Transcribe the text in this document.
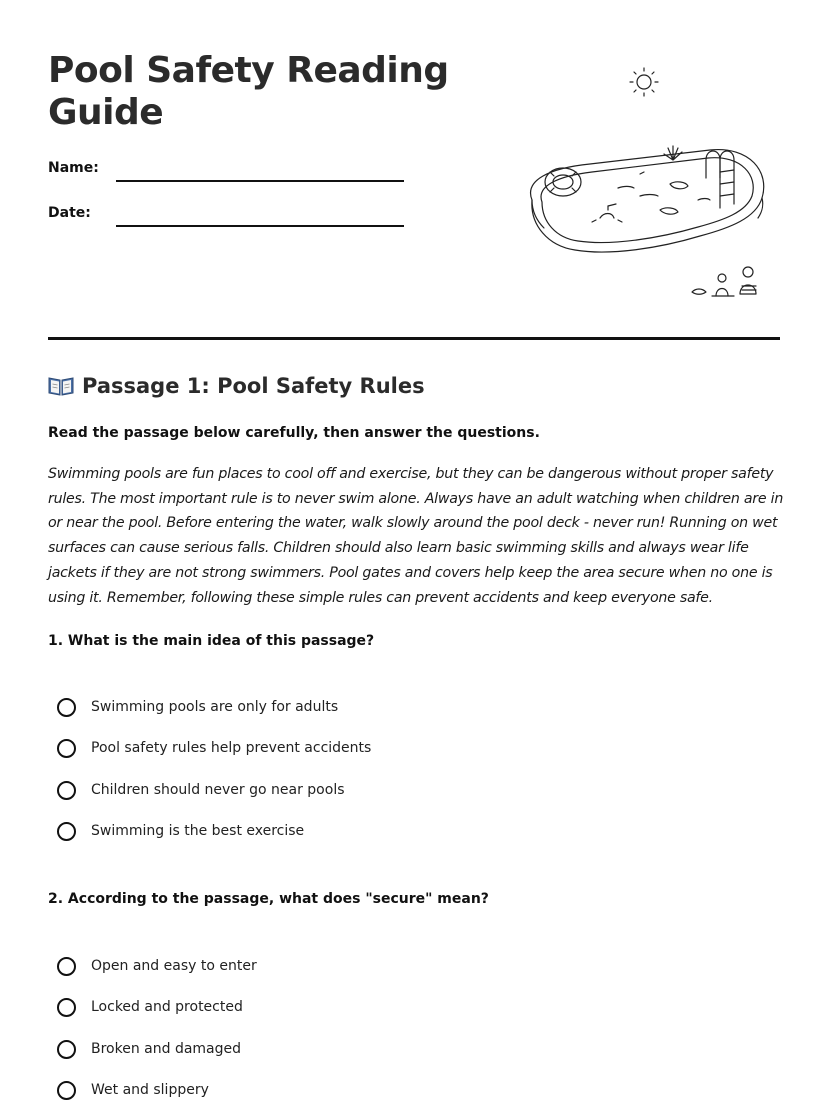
Pool Safety Reading Guide
Name:
Date:
Passage 1: Pool Safety Rules
Read the passage below carefully, then answer the questions.

Swimming pools are fun places to cool off and exercise, but they can be dangerous without proper safety rules. The most important rule is to never swim alone. Always have an adult watching when children are in or near the pool. Before entering the water, walk slowly around the pool deck - never run! Running on wet surfaces can cause serious falls. Children should also learn basic swimming skills and always wear life jackets if they are not strong swimmers. Pool gates and covers help keep the area secure when no one is using it. Remember, following these simple rules can prevent accidents and keep everyone safe.

1. What is the main idea of this passage?

Swimming pools are only for adults
Pool safety rules help prevent accidents
Children should never go near pools
Swimming is the best exercise

2. According to the passage, what does "secure" mean?

Open and easy to enter
Locked and protected
Broken and damaged
Wet and slippery
